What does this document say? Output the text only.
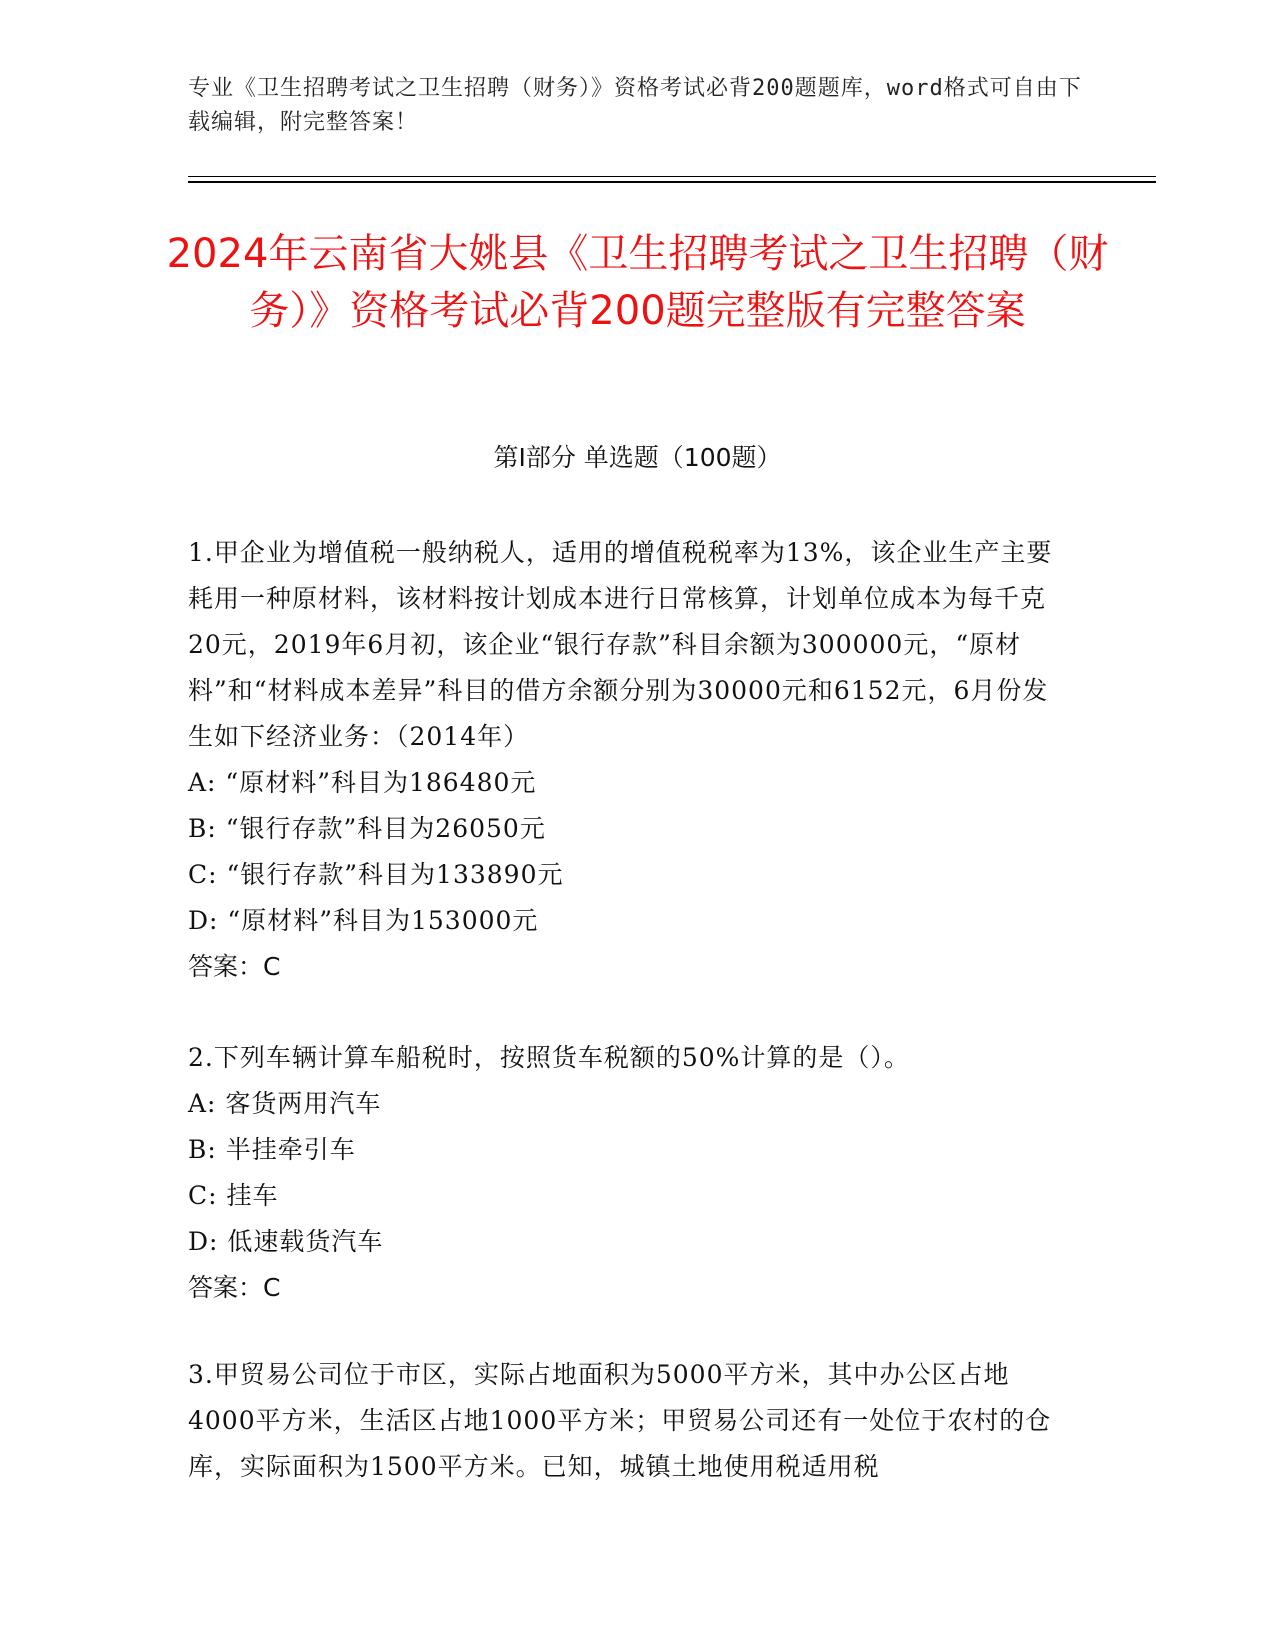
专业《卫生招聘考试之卫生招聘（财务）》资格考试必背200题题库，word格式可自由下载编辑，附完整答案！
2024年云南省大姚县《卫生招聘考试之卫生招聘（财务）》资格考试必背200题完整版有完整答案
第Ⅰ部分 单选题（100题）
1.甲企业为增值税一般纳税人，适用的增值税税率为13%，该企业生产主要耗用一种原材料，该材料按计划成本进行日常核算，计划单位成本为每千克20元，2019年6月初，该企业“银行存款”科目余额为300000元，“原材料”和“材料成本差异”科目的借方余额分别为30000元和6152元，6月份发生如下经济业务：（2014年）
A: “原材料”科目为186480元
B: “银行存款”科目为26050元
C: “银行存款”科目为133890元
D: “原材料”科目为153000元
答案：C
2.下列车辆计算车船税时，按照货车税额的50%计算的是（）。
A: 客货两用汽车
B: 半挂牵引车
C: 挂车
D: 低速载货汽车
答案：C
3.甲贸易公司位于市区，实际占地面积为5000平方米，其中办公区占地4000平方米，生活区占地1000平方米；甲贸易公司还有一处位于农村的仓库，实际面积为1500平方米。已知，城镇土地使用税适用税
